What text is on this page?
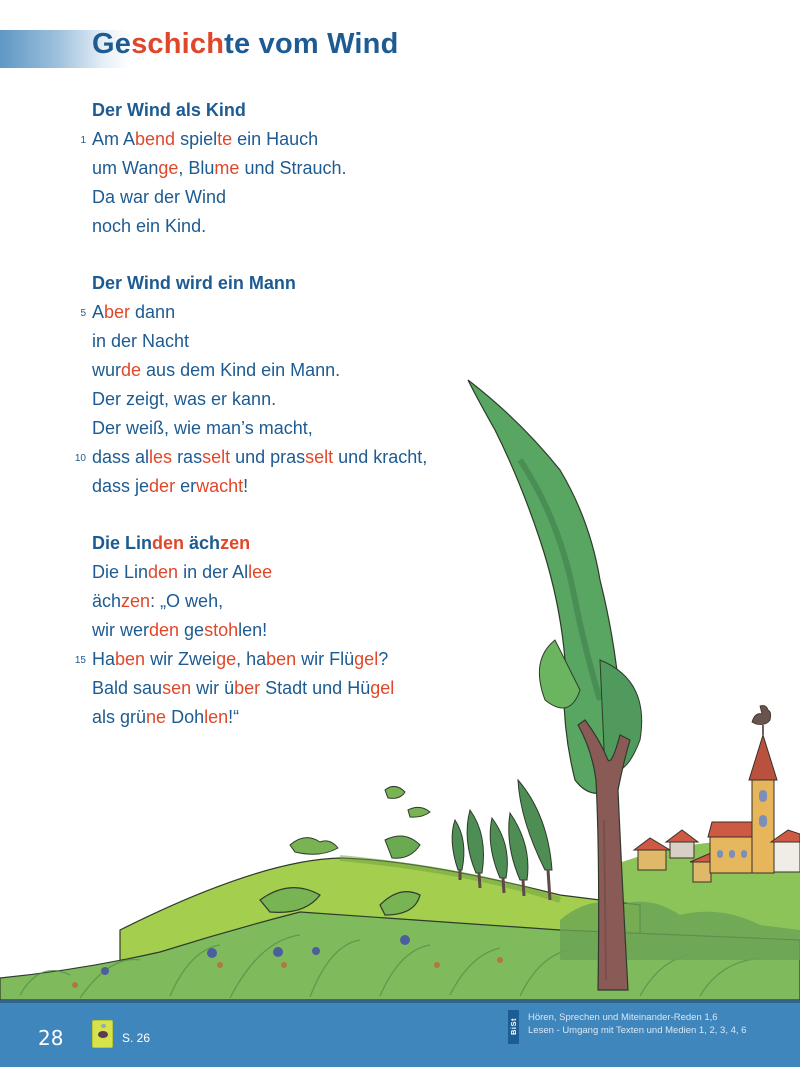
Geschichte vom Wind
Der Wind als Kind
1 Am Abend spielte ein Hauch
um Wange, Blume und Strauch.
Da war der Wind
noch ein Kind.
Der Wind wird ein Mann
5 Aber dann
in der Nacht
wurde aus dem Kind ein Mann.
Der zeigt, was er kann.
Der weiß, wie man’s macht,
10 dass alles rasselt und prasselt und kracht,
dass jeder erwacht!
Die Linden ächzen
Die Linden in der Allee
ächzen: „O weh,
wir werden gestohlen!
15 Haben wir Zweige, haben wir Flügel?
Bald sausen wir über Stadt und Hügel
als grüne Dohlen!“
28	S. 26
BiSt
Hören, Sprechen und Miteinander-Reden 1,6
Lesen - Umgang mit Texten und Medien 1, 2, 3, 4, 6
